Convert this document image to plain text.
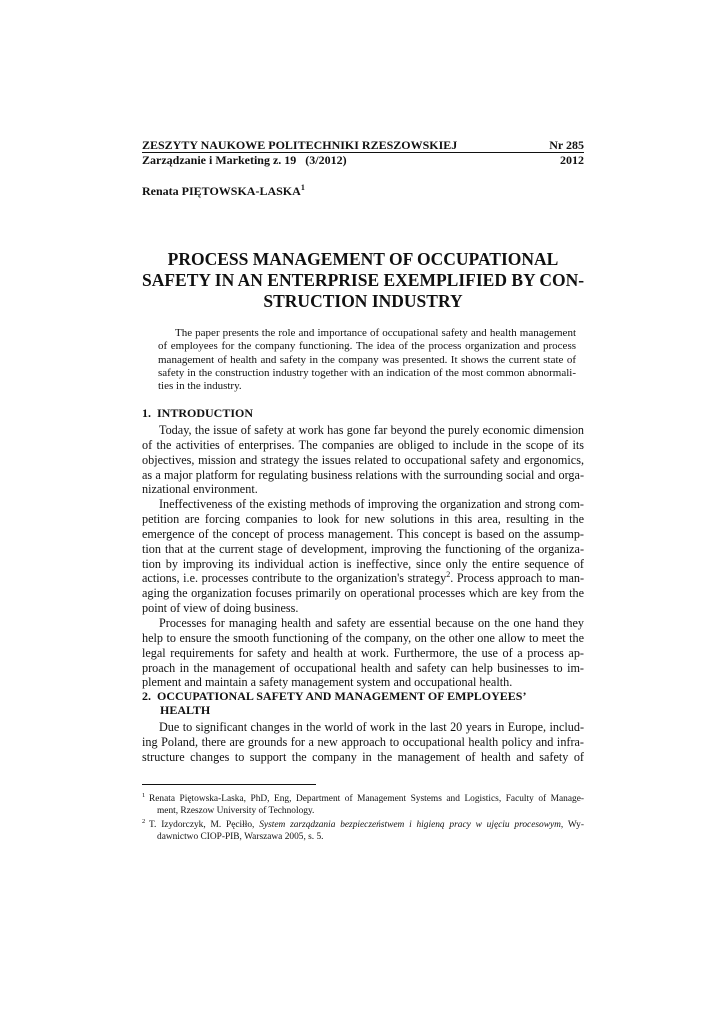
ZESZYTY NAUKOWE POLITECHNIKI RZESZOWSKIEJ	Nr 285
Zarządzanie i Marketing z. 19   (3/2012)	2012
Renata PIĘTOWSKA-LASKA$^1$
PROCESS MANAGEMENT OF OCCUPATIONAL
SAFETY IN AN ENTERPRISE EXEMPLIFIED BY CON-
STRUCTION INDUSTRY
The paper presents the role and importance of occupational safety and health management
of employees for the company functioning. The idea of the process organization and process
management of health and safety in the company was presented. It shows the current state of
safety in the construction industry together with an indication of the most common abnormali-
ties in the industry.
1.  INTRODUCTION
Today, the issue of safety at work has gone far beyond the purely economic dimension
of the activities of enterprises. The companies are obliged to include in the scope of its
objectives, mission and strategy the issues related to occupational safety and ergonomics,
as a major platform for regulating business relations with the surrounding social and orga-
nizational environment.
Ineffectiveness of the existing methods of improving the organization and strong com-
petition are forcing companies to look for new solutions in this area, resulting in the
emergence of the concept of process management. This concept is based on the assump-
tion that at the current stage of development, improving the functioning of the organiza-
tion by improving its individual action is ineffective, since only the entire sequence of
actions, i.e. processes contribute to the organization's strategy$^2$. Process approach to man-
aging the organization focuses primarily on operational processes which are key from the
point of view of doing business.
Processes for managing health and safety are essential because on the one hand they
help to ensure the smooth functioning of the company, on the other one allow to meet the
legal requirements for safety and health at work. Furthermore, the use of a process ap-
proach in the management of occupational health and safety can help businesses to im-
plement and maintain a safety management system and occupational health.
2.  OCCUPATIONAL SAFETY AND MANAGEMENT OF EMPLOYEES’
HEALTH
Due to significant changes in the world of work in the last 20 years in Europe, includ-
ing Poland, there are grounds for a new approach to occupational health policy and infra-
structure changes to support the company in the management of health and safety of
1 Renata Piętowska-Laska, PhD, Eng, Department of Management Systems and Logistics, Faculty of Manage-
ment, Rzeszow University of Technology.
2 T. Izydorczyk, M. Pęciłło, System zarządzania bezpieczeństwem i higieną pracy w ujęciu procesowym, Wy-
dawnictwo CIOP-PIB, Warszawa 2005, s. 5.
